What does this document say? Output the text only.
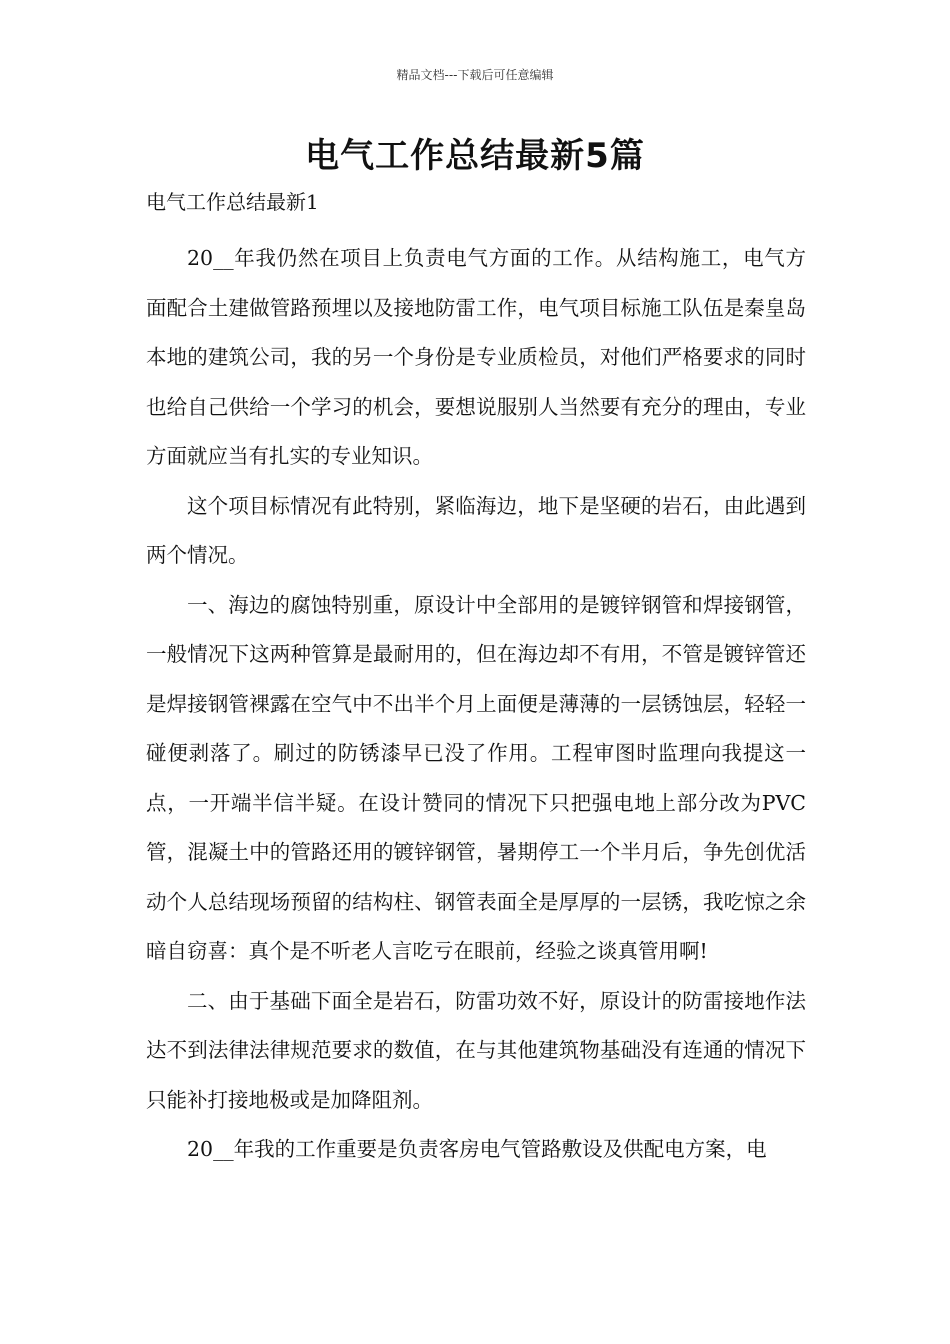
精品文档---下载后可任意编辑
电气工作总结最新5篇
电气工作总结最新1

20__年我仍然在项目上负责电气方面的工作。从结构施工，电气方面配合土建做管路预埋以及接地防雷工作，电气项目标施工队伍是秦皇岛本地的建筑公司，我的另一个身份是专业质检员，对他们严格要求的同时也给自己供给一个学习的机会，要想说服别人当然要有充分的理由，专业方面就应当有扎实的专业知识。

这个项目标情况有此特别，紧临海边，地下是坚硬的岩石，由此遇到两个情况。

一、海边的腐蚀特别重，原设计中全部用的是镀锌钢管和焊接钢管，一般情况下这两种管算是最耐用的，但在海边却不有用，不管是镀锌管还是焊接钢管裸露在空气中不出半个月上面便是薄薄的一层锈蚀层，轻轻一碰便剥落了。刷过的防锈漆早已没了作用。工程审图时监理向我提这一点，一开端半信半疑。在设计赞同的情况下只把强电地上部分改为PVC管，混凝土中的管路还用的镀锌钢管，暑期停工一个半月后，争先创优活动个人总结现场预留的结构柱、钢管表面全是厚厚的一层锈，我吃惊之余暗自窃喜：真个是不听老人言吃亏在眼前，经验之谈真管用啊!

二、由于基础下面全是岩石，防雷功效不好，原设计的防雷接地作法达不到法律法律规范要求的数值，在与其他建筑物基础没有连通的情况下只能补打接地极或是加降阻剂。

20__年我的工作重要是负责客房电气管路敷设及供配电方案，电
